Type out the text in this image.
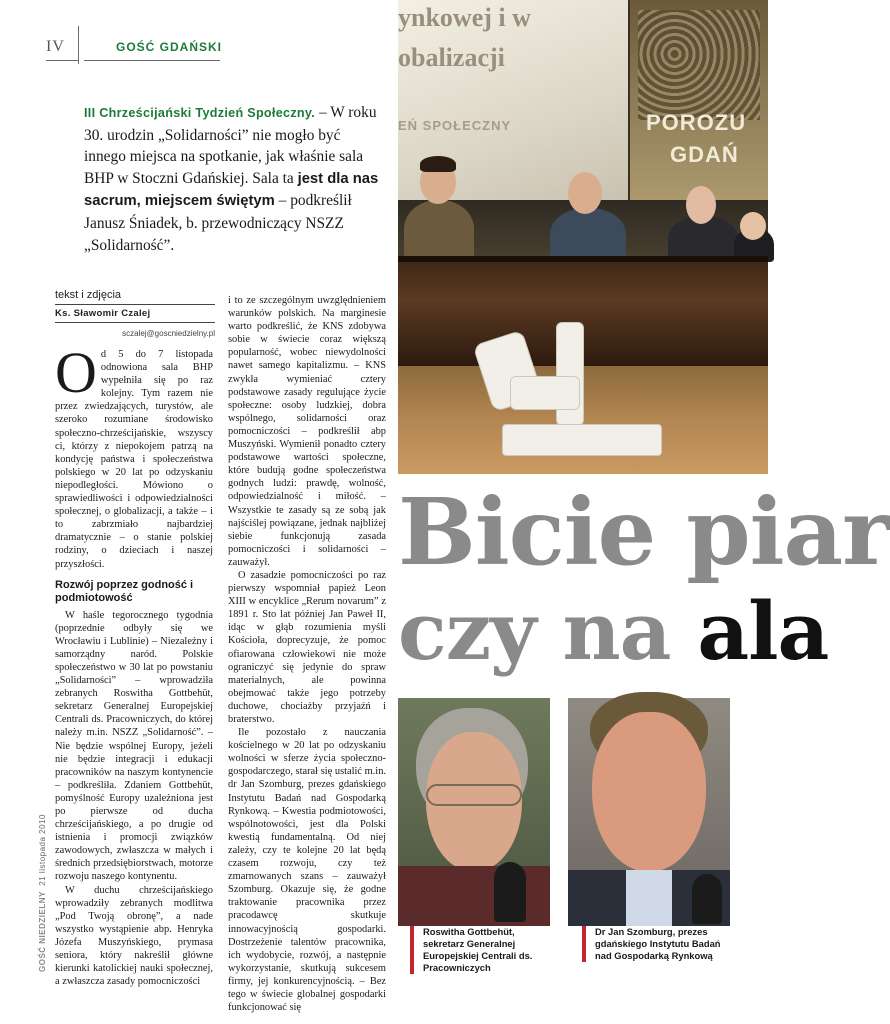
IV	GOŚĆ GDAŃSKI
III Chrześcijański Tydzień Społeczny. – W roku 30. urodzin „Solidarności” nie mogło być innego miejsca na spotkanie, jak właśnie sala BHP w Stoczni Gdańskiej. Sala ta jest dla nas sacrum, miejscem świętym – podkreślił Janusz Śniadek, b. przewodniczący NSZZ „Solidarność”.
tekst i zdjęcia
Ks. Sławomir Czalej
sczalej@goscniedzielny.pl

Od 5 do 7 listopada odnowiona sala BHP wypełniła się po raz kolejny. Tym razem nie przez zwiedzających, turystów, ale szeroko rozumiane środowisko społeczno-chrześcijańskie, wszyscy ci, którzy z niepokojem patrzą na kondycję państwa i społeczeństwa polskiego w 20 lat po odzyskaniu niepodległości. Mówiono o sprawiedliwości i odpowiedzialności społecznej, o globalizacji, a także – i to zabrzmiało najbardziej dramatycznie – o stanie polskiej rodziny, o dzieciach i naszej przyszłości.

Rozwój poprzez godność i podmiotowość

W haśle tegorocznego tygodnia (poprzednie odbyły się we Wrocławiu i Lublinie) – Niezależny i samorządny naród. Polskie społeczeństwo w 30 lat po powstaniu „Solidarności” – wprowadziła zebranych Roswitha Gottbehüt, sekretarz Generalnej Europejskiej Centrali ds. Pracowniczych, do której należy m.in. NSZZ „Solidarność”. – Nie będzie wspólnej Europy, jeżeli nie będzie integracji i edukacji pracowników na naszym kontynencie – podkreśliła. Zdaniem Gottbehüt, pomyślność Europy uzależniona jest po pierwsze od ducha chrześcijańskiego, a po drugie od istnienia i promocji związków zawodowych, zwłaszcza w małych i średnich przedsiębiorstwach, motorze rozwoju naszego kontynentu.

W duchu chrześcijańskiego wprowadziły zebranych modlitwa „Pod Twoją obronę”, a nade wszystko wystąpienie abp. Henryka Józefa Muszyńskiego, prymasa seniora, który nakreślił główne kierunki katolickiej nauki społecznej, a zwłaszcza zasady pomocniczości

i to ze szczególnym uwzględnieniem warunków polskich. Na marginesie warto podkreślić, że KNS zdobywa sobie w świecie coraz większą popularność, wobec niewydolności nawet samego kapitalizmu. – KNS zwykła wymieniać cztery podstawowe zasady regulujące życie społeczne: osoby ludzkiej, dobra wspólnego, solidarności oraz pomocniczości – podkreślił abp Muszyński. Wymienił ponadto cztery podstawowe wartości społeczne, które budują godne społeczeństwa godnych ludzi: prawdę, wolność, odpowiedzialność i miłość. – Wszystkie te zasady są ze sobą jak najściślej powiązane, jednak najbliżej siebie funkcjonują zasada pomocniczości i solidarności – zauważył.

O zasadzie pomocniczości po raz pierwszy wspomniał papież Leon XIII w encyklice „Rerum novarum” z 1891 r. Sto lat później Jan Paweł II, idąc w głąb rozumienia myśli Kościoła, doprecyzuje, że pomoc ofiarowana człowiekowi nie może ograniczyć się jedynie do spraw materialnych, ale powinna obejmować także jego potrzeby duchowe, chociażby przyjaźń i braterstwo.

Ile pozostało z nauczania kościelnego w 20 lat po odzyskaniu wolności w sferze życia społeczno-gospodarczego, starał się ustalić m.in. dr Jan Szomburg, prezes gdańskiego Instytutu Badań nad Gospodarką Rynkową. – Kwestia podmiotowości, wspólnotowości, jest dla Polski kwestią fundamentalną. Od niej zależy, czy te kolejne 20 lat będą czasem rozwoju, czy też zmarnowanych szans – zauważył Szomburg. Okazuje się, że godne traktowanie pracownika przez pracodawcę skutkuje innowacyjnością gospodarki. Dostrzeżenie talentów pracownika, ich wydobycie, rozwój, a następnie wykorzystanie, skutkują sukcesem firmy, jej konkurencyjnością. – Bez tego w świecie globalnej gospodarki funkcjonować się

GOŚĆ NIEDZIELNY  21 listopada 2010
ynkowej i w
obalizacji
EŃ SPOŁECZNY	POROZU
GDAŃ
Bicie piar
czy na ala
Roswitha Gottbehüt, sekretarz Generalnej Europejskiej Centrali ds. Pracowniczych
Dr Jan Szomburg, prezes gdańskiego Instytutu Badań nad Gospodarką Rynkową
